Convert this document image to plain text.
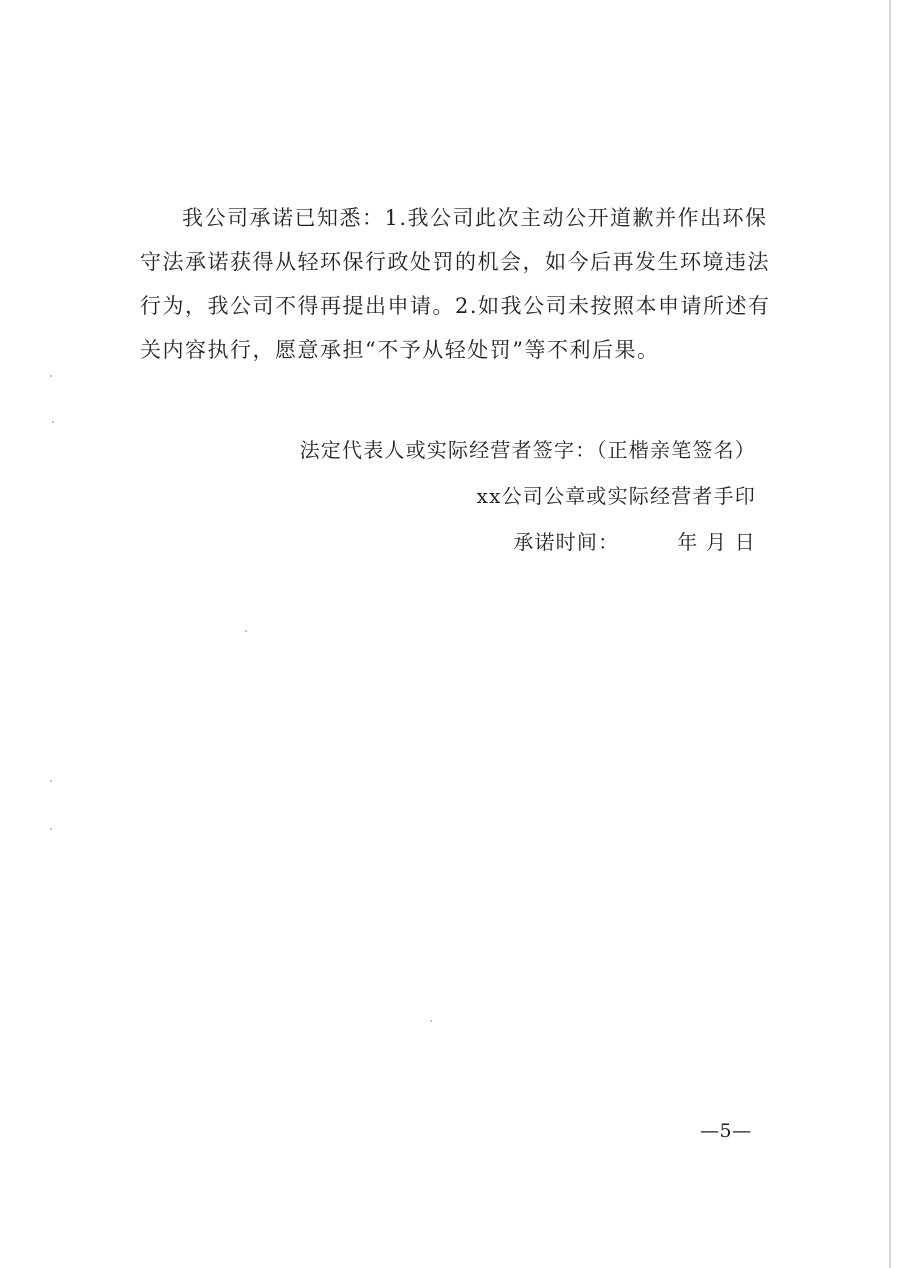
我公司承诺已知悉：1.我公司此次主动公开道歉并作出环保
守法承诺获得从轻环保行政处罚的机会，如今后再发生环境违法
行为，我公司不得再提出申请。2.如我公司未按照本申请所述有
关内容执行，愿意承担“不予从轻处罚”等不利后果。
法定代表人或实际经营者签字：（正楷亲笔签名）
xx公司公章或实际经营者手印
承诺时间：	年 月 日
—5—
